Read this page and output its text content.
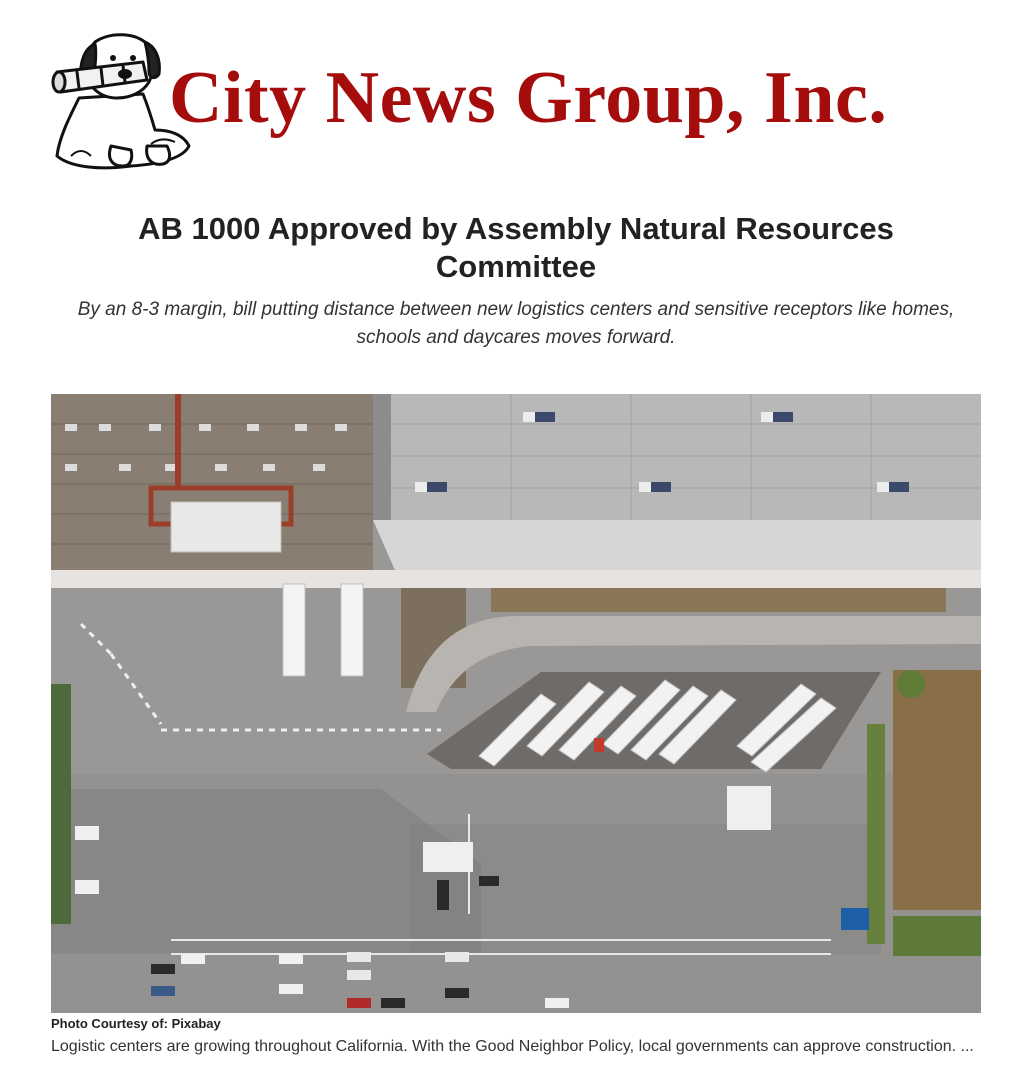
City News Group, Inc.
AB 1000 Approved by Assembly Natural Resources Committee

By an 8-3 margin, bill putting distance between new logistics centers and sensitive receptors like homes, schools and daycares moves forward.

Photo Courtesy of: Pixabay
Logistic centers are growing throughout California. With the Good Neighbor Policy, local governments can approve construction. ...
